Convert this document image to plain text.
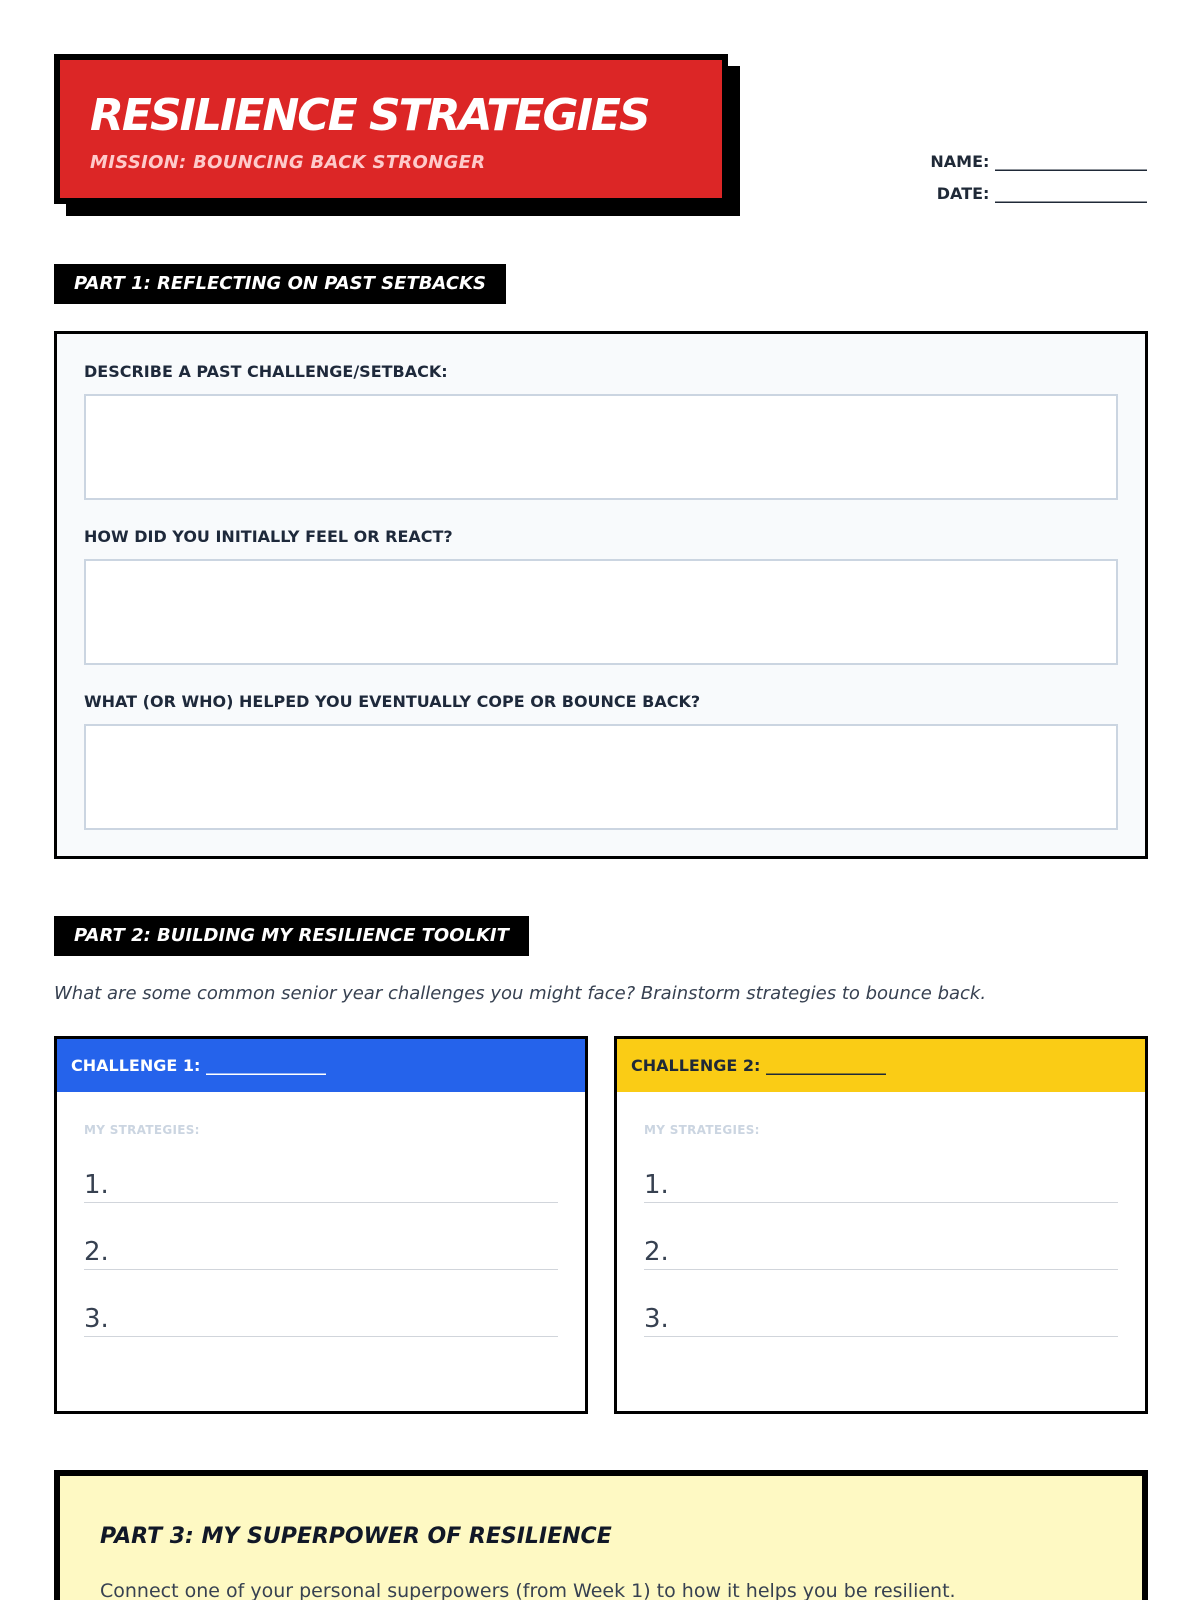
RESILIENCE STRATEGIES
MISSION: BOUNCING BACK STRONGER	NAME: ___________________
DATE: ___________________
PART 1: REFLECTING ON PAST SETBACKS
DESCRIBE A PAST CHALLENGE/SETBACK:
HOW DID YOU INITIALLY FEEL OR REACT?
WHAT (OR WHO) HELPED YOU EVENTUALLY COPE OR BOUNCE BACK?
PART 2: BUILDING MY RESILIENCE TOOLKIT
What are some common senior year challenges you might face? Brainstorm strategies to bounce back.
CHALLENGE 1: _______________
MY STRATEGIES:
1.
2.
3.
CHALLENGE 2: _______________
MY STRATEGIES:
1.
2.
3.
PART 3: MY SUPERPOWER OF RESILIENCE
Connect one of your personal superpowers (from Week 1) to how it helps you be resilient.
